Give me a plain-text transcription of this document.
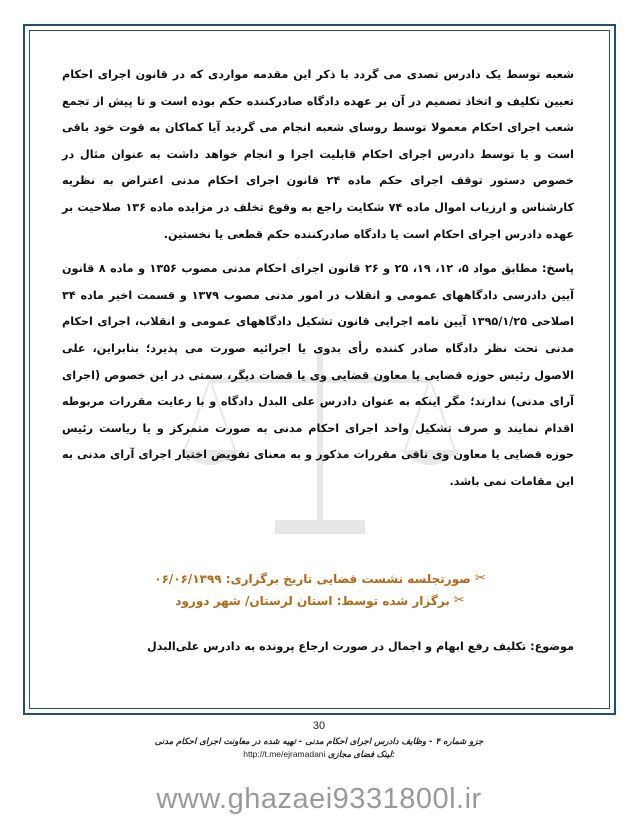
شعبه توسط یک دادرس تصدی می گردد با ذکر این مقدمه مواردی که در قانون اجرای احکام تعیین تکلیف و اتخاذ تصمیم در آن بر عهده دادگاه صادرکننده حکم بوده است و تا پیش از تجمع شعب اجرای احکام معمولا توسط روسای شعبه انجام می گردید آیا کماکان به قوت خود باقی است و یا توسط دادرس اجرای احکام قابلیت اجرا و انجام خواهد داشت به عنوان مثال در خصوص دستور توقف اجرای حکم ماده ۲۴ قانون اجرای احکام مدنی اعتراض به نظریه کارشناس و ارزیاب اموال ماده ۷۴ شکایت راجع به وقوع تخلف در مزایده ماده ۱۳۶ صلاحیت بر عهده دادرس اجرای احکام است یا دادگاه صادرکننده حکم قطعی یا نخستین.

پاسخ: مطابق مواد ۵، ۱۲، ۱۹، ۲۵ و ۲۶ قانون اجرای احکام مدنی مصوب ۱۳۵۶ و ماده ۸ قانون آیین دادرسی دادگاههای عمومی و انقلاب در امور مدنی مصوب ۱۳۷۹ و قسمت اخیر ماده ۳۴ اصلاحی ۱۳۹۵/۱/۲۵ آیین نامه اجرایی قانون تشکیل دادگاههای عمومی و انقلاب، اجرای احکام مدنی تحت نظر دادگاه صادر کننده رأی بدوی یا اجرائیه صورت می پذیرد؛ بنابراین، علی الاصول رئیس حوزه قضایی یا معاون قضایی وی یا قضات دیگر، سمتی در این خصوص (اجرای آرای مدنی) ندارند؛ مگر اینکه به عنوان دادرس علی البدل دادگاه و با رعایت مقررات مربوطه اقدام نمایند و صرف تشکیل واحد اجرای احکام مدنی به صورت متمرکز و یا ریاست رئیس حوزه قضایی یا معاون وی نافی مقررات مذکور و به معنای تفویض اختیار اجرای آرای مدنی به این مقامات نمی باشد.

✂
صورتجلسه نشست قضایی تاریخ برگزاری: ۰۶/۰۶/۱۳۹۹
✂
برگزار شده توسط: استان لرستان/ شهر دورود
موضوع: تکلیف رفع ابهام و اجمال در صورت ارجاع پرونده به دادرس علی‌البدل
30
جزو شماره ۴ - وظایف دادرس اجرای احکام مدنی - تهیه شده در معاونت اجرای احکام مدنی
http://t.me/ejramadani لینک فضای مجازی:
www.ghazaei9331800l.ir
